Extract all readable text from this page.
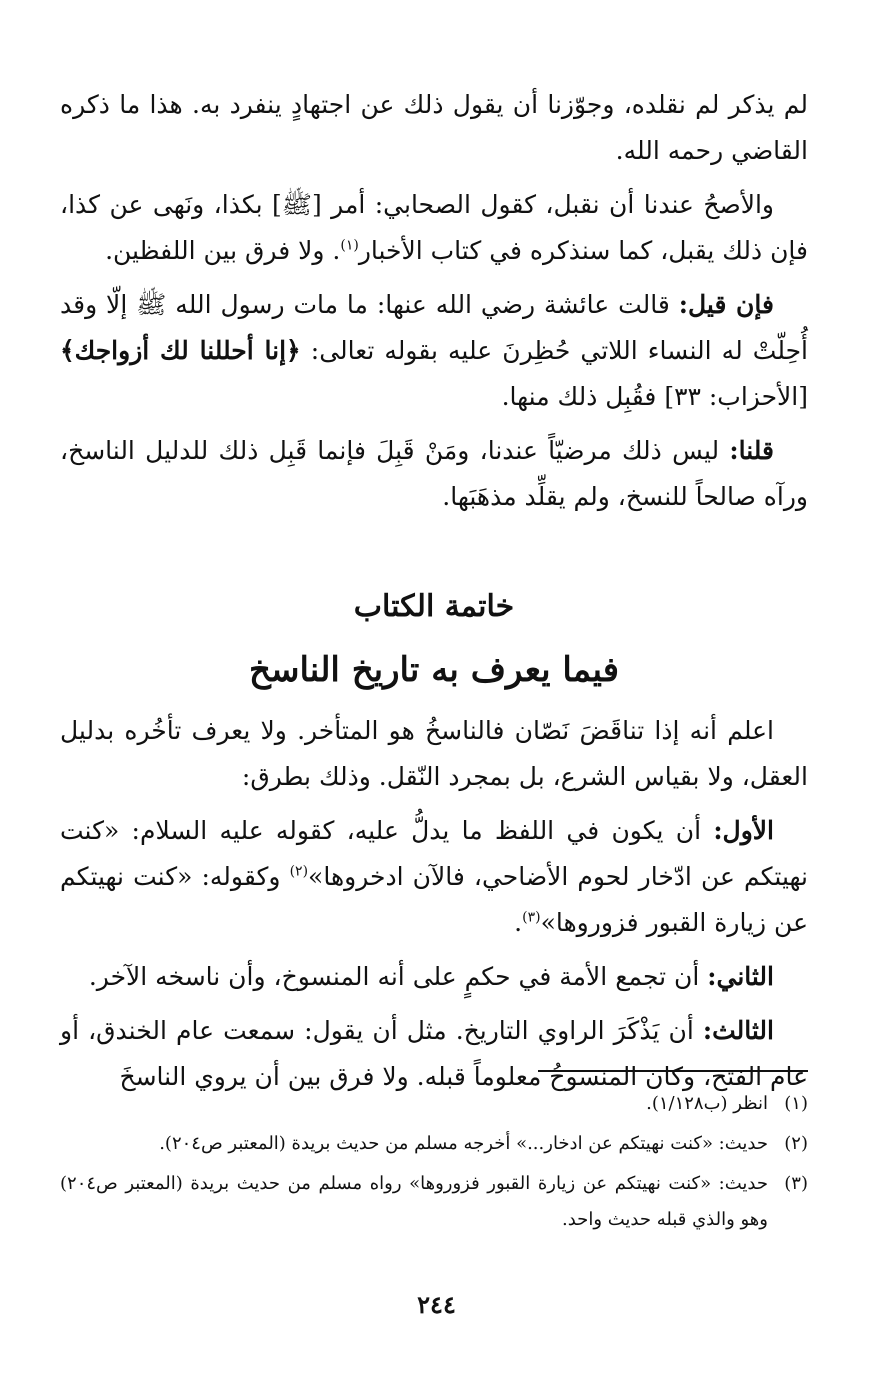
لم يذكر لم نقلده، وجوّزنا أن يقول ذلك عن اجتهادٍ ينفرد به. هذا ما ذكره القاضي رحمه الله.

والأصحُ عندنا أن نقبل، كقول الصحابي: أمر [ﷺ] بكذا، ونَهى عن كذا، فإن ذلك يقبل، كما سنذكره في كتاب الأخبار$^{(١)}$. ولا فرق بين اللفظين.

فإن قيل: قالت عائشة رضي الله عنها: ما مات رسول الله ﷺ إلّا وقد أُحِلّتْ له النساء اللاتي حُظِرنَ عليه بقوله تعالى: ﴿إنا أحللنا لك أزواجك﴾ [الأحزاب: ٣٣] فقُبِل ذلك منها.

قلنا: ليس ذلك مرضيّاً عندنا، ومَنْ قَبِلَ فإنما قَبِل ذلك للدليل الناسخ، ورآه صالحاً للنسخ، ولم يقلِّد مذهَبَها.

خاتمة الكتاب
فيما يعرف به تاريخ الناسخ

اعلم أنه إذا تناقَضَ نَصّان فالناسخُ هو المتأخر. ولا يعرف تأخُره بدليل العقل، ولا بقياس الشرع، بل بمجرد النّقل. وذلك بطرق:

الأول: أن يكون في اللفظ ما يدلُّ عليه، كقوله عليه السلام: «كنت نهيتكم عن ادّخار لحوم الأضاحي، فالآن ادخروها»$^{(٢)}$ وكقوله: «كنت نهيتكم عن زيارة القبور فزوروها»$^{(٣)}$.

الثاني: أن تجمع الأمة في حكمٍ على أنه المنسوخ، وأن ناسخه الآخر.

الثالث: أن يَذْكَرَ الراوي التاريخ. مثل أن يقول: سمعت عام الخندق، أو عام الفتح، وكان المنسوخُ معلوماً قبله. ولا فرق بين أن يروي الناسخَ

(١)
انظر (ب١/١٢٨).
(٢)
حديث: «كنت نهيتكم عن ادخار...» أخرجه مسلم من حديث بريدة (المعتبر ص٢٠٤).
(٣)
حديث: «كنت نهيتكم عن زيارة القبور فزوروها» رواه مسلم من حديث بريدة (المعتبر ص٢٠٤) وهو والذي قبله حديث واحد.
٢٤٤
